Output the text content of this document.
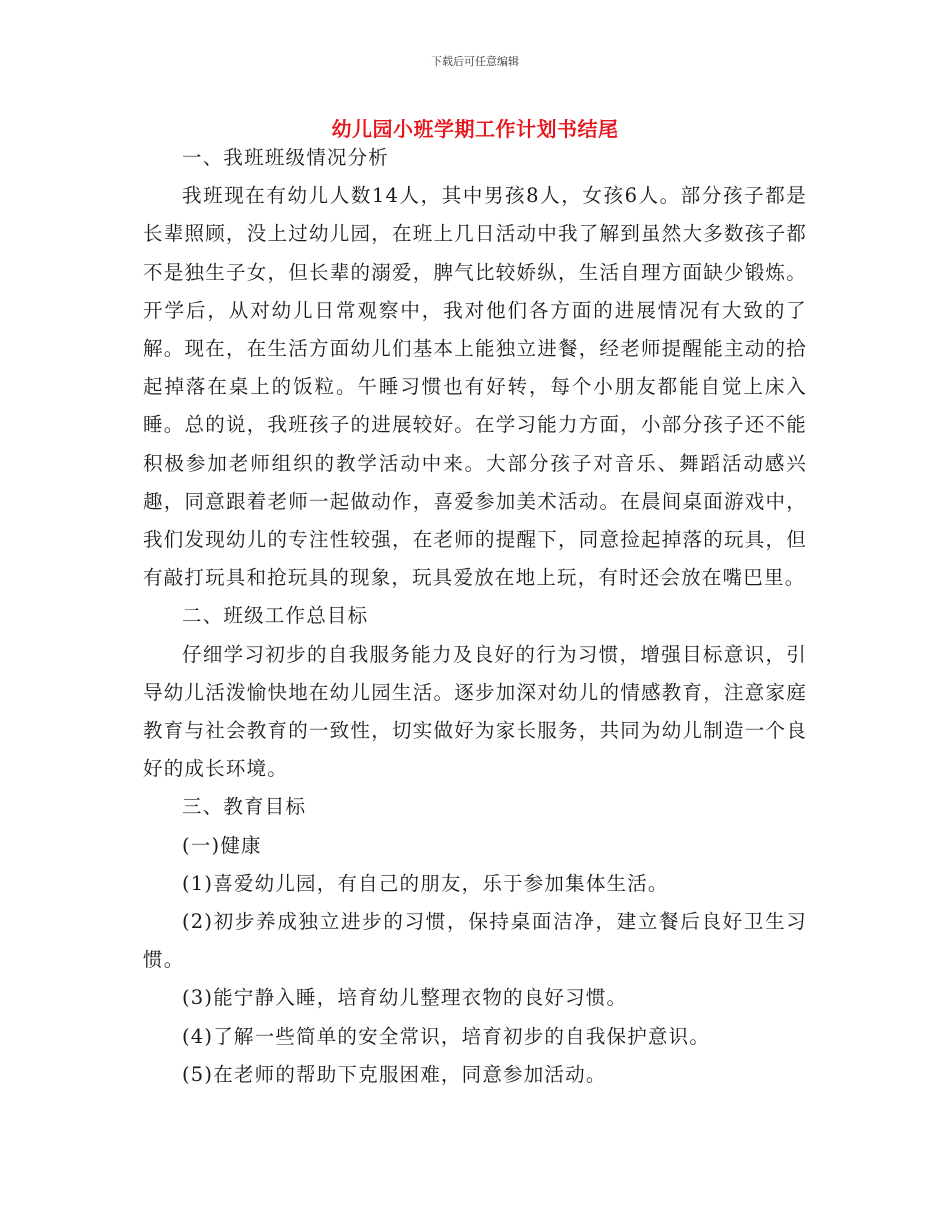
下载后可任意编辑
幼儿园小班学期工作计划书结尾

一、我班班级情况分析

我班现在有幼儿人数14人，其中男孩8人，女孩6人。部分孩子都是长辈照顾，没上过幼儿园，在班上几日活动中我了解到虽然大多数孩子都不是独生子女，但长辈的溺爱，脾气比较娇纵，生活自理方面缺少锻炼。开学后，从对幼儿日常观察中，我对他们各方面的进展情况有大致的了解。现在，在生活方面幼儿们基本上能独立进餐，经老师提醒能主动的拾起掉落在桌上的饭粒。午睡习惯也有好转，每个小朋友都能自觉上床入睡。总的说，我班孩子的进展较好。在学习能力方面，小部分孩子还不能积极参加老师组织的教学活动中来。大部分孩子对音乐、舞蹈活动感兴趣，同意跟着老师一起做动作，喜爱参加美术活动。在晨间桌面游戏中，我们发现幼儿的专注性较强，在老师的提醒下，同意捡起掉落的玩具，但有敲打玩具和抢玩具的现象，玩具爱放在地上玩，有时还会放在嘴巴里。

二、班级工作总目标

仔细学习初步的自我服务能力及良好的行为习惯，增强目标意识，引导幼儿活泼愉快地在幼儿园生活。逐步加深对幼儿的情感教育，注意家庭教育与社会教育的一致性，切实做好为家长服务，共同为幼儿制造一个良好的成长环境。

三、教育目标

(一)健康

(1)喜爱幼儿园，有自己的朋友，乐于参加集体生活。

(2)初步养成独立进步的习惯，保持桌面洁净，建立餐后良好卫生习惯。

(3)能宁静入睡，培育幼儿整理衣物的良好习惯。

(4)了解一些简单的安全常识，培育初步的自我保护意识。

(5)在老师的帮助下克服困难，同意参加活动。
